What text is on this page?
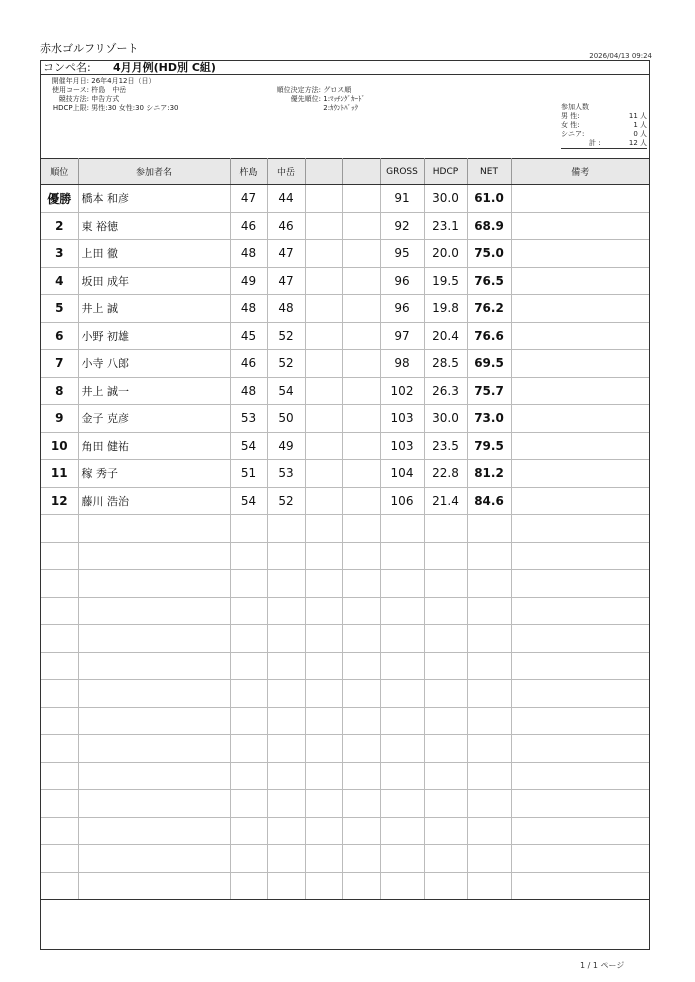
赤水ゴルフリゾート
2026/04/13 09:24
コンペ名: 4月月例(HD別 C組)
開催年月日: 26年4月12日（日）
使用コース: 杵島　中岳
競技方法: 申告方式
HDCP上限: 男性:30 女性:30 シニア:30
順位決定方法: グロス順
優先順位: 1:ﾏｯﾁﾝｸﾞｶｰﾄﾞ
2:ｶｳﾝﾄﾊﾞｯｸ	参加人数
男 性:	11 人
女 性:	1 人
シニア:	0 人
計 :	12 人
順位	参加者名	杵島	中岳			GROSS	HDCP	NET	備考
優勝	橋本 和彦	47	44			91	30.0	61.0	
2	東 裕徳	46	46			92	23.1	68.9	
3	上田 徹	48	47			95	20.0	75.0	
4	坂田 成年	49	47			96	19.5	76.5	
5	井上 誠	48	48			96	19.8	76.2	
6	小野 初雄	45	52			97	20.4	76.6	
7	小寺 八郎	46	52			98	28.5	69.5	
8	井上 誠一	48	54			102	26.3	75.7	
9	金子 克彦	53	50			103	30.0	73.0	
10	角田 健祐	54	49			103	23.5	79.5	
11	稼 秀子	51	53			104	22.8	81.2	
12	藤川 浩治	54	52			106	21.4	84.6	

1 / 1 ページ
